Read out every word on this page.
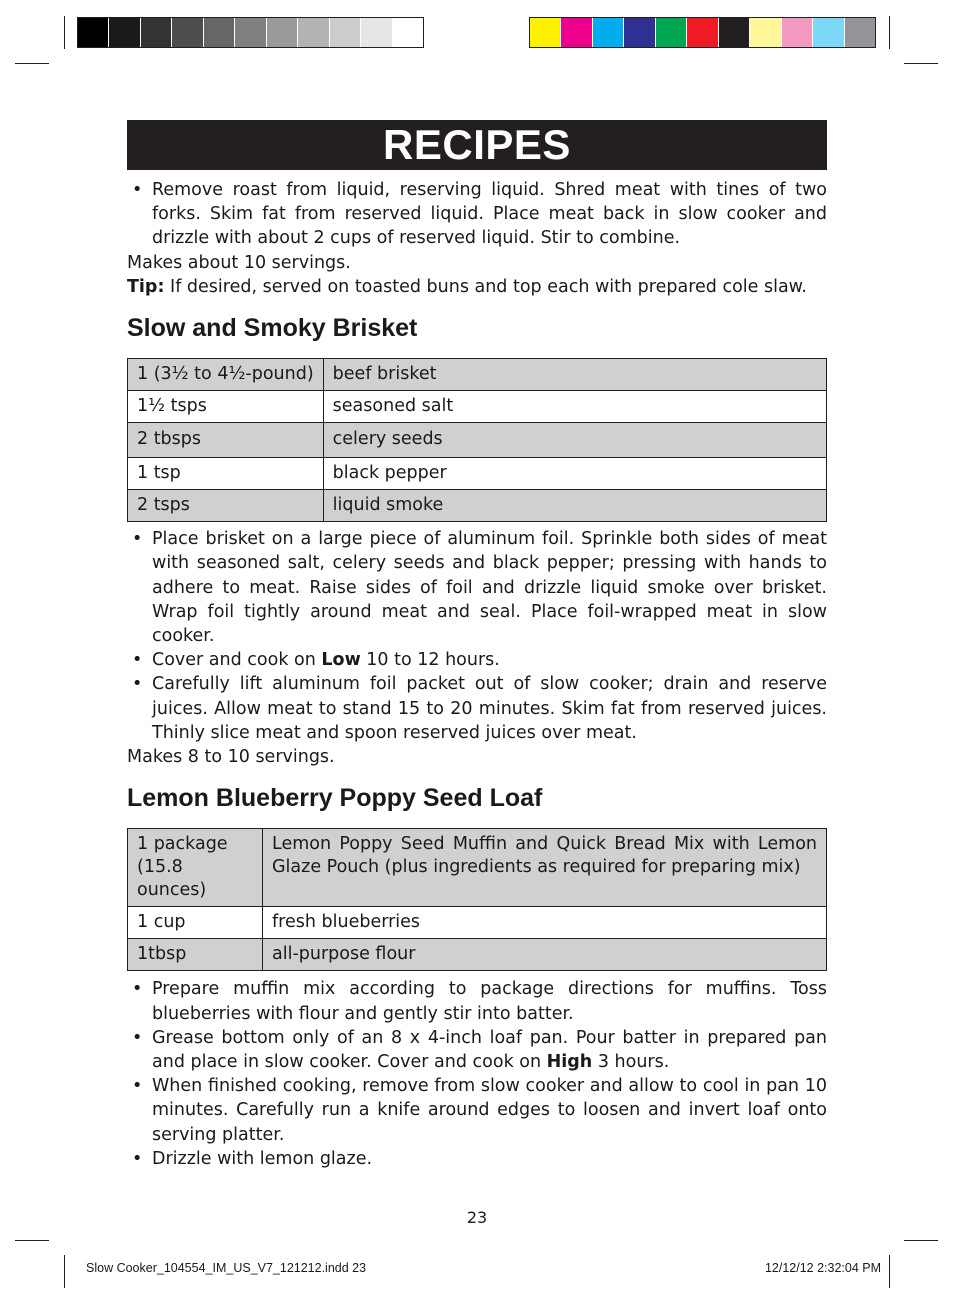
RECIPES
• Remove roast from liquid, reserving liquid. Shred meat with tines of two forks. Skim fat from reserved liquid. Place meat back in slow cooker and drizzle with about 2 cups of reserved liquid. Stir to combine.

Makes about 10 servings.

Tip: If desired, served on toasted buns and top each with prepared cole slaw.

Slow and Smoky Brisket
1 (3½ to 4½-pound)	beef brisket
1½ tsps	seasoned salt
2 tbsps	celery seeds
1 tsp	black pepper
2 tsps	liquid smoke
• Place brisket on a large piece of aluminum foil. Sprinkle both sides of meat with seasoned salt, celery seeds and black pepper; pressing with hands to adhere to meat. Raise sides of foil and drizzle liquid smoke over brisket. Wrap foil tightly around meat and seal. Place foil-wrapped meat in slow cooker.
• Cover and cook on Low 10 to 12 hours.
• Carefully lift aluminum foil packet out of slow cooker; drain and reserve juices. Allow meat to stand 15 to 20 minutes. Skim fat from reserved juices. Thinly slice meat and spoon reserved juices over meat.

Makes 8 to 10 servings.

Lemon Blueberry Poppy Seed Loaf
1 package
(15.8 ounces)	Lemon Poppy Seed Muffin and Quick Bread Mix with Lemon Glaze Pouch (plus ingredients as required for preparing mix)
1 cup	fresh blueberries
1tbsp	all-purpose flour
• Prepare muffin mix according to package directions for muffins. Toss blueberries with flour and gently stir into batter.
• Grease bottom only of an 8 x 4-inch loaf pan. Pour batter in prepared pan and place in slow cooker. Cover and cook on High 3 hours.
• When finished cooking, remove from slow cooker and allow to cool in pan 10 minutes. Carefully run a knife around edges to loosen and invert loaf onto serving platter.
• Drizzle with lemon glaze.
23
Slow Cooker_104554_IM_US_V7_121212.indd 23	12/12/12 2:32:04 PM
